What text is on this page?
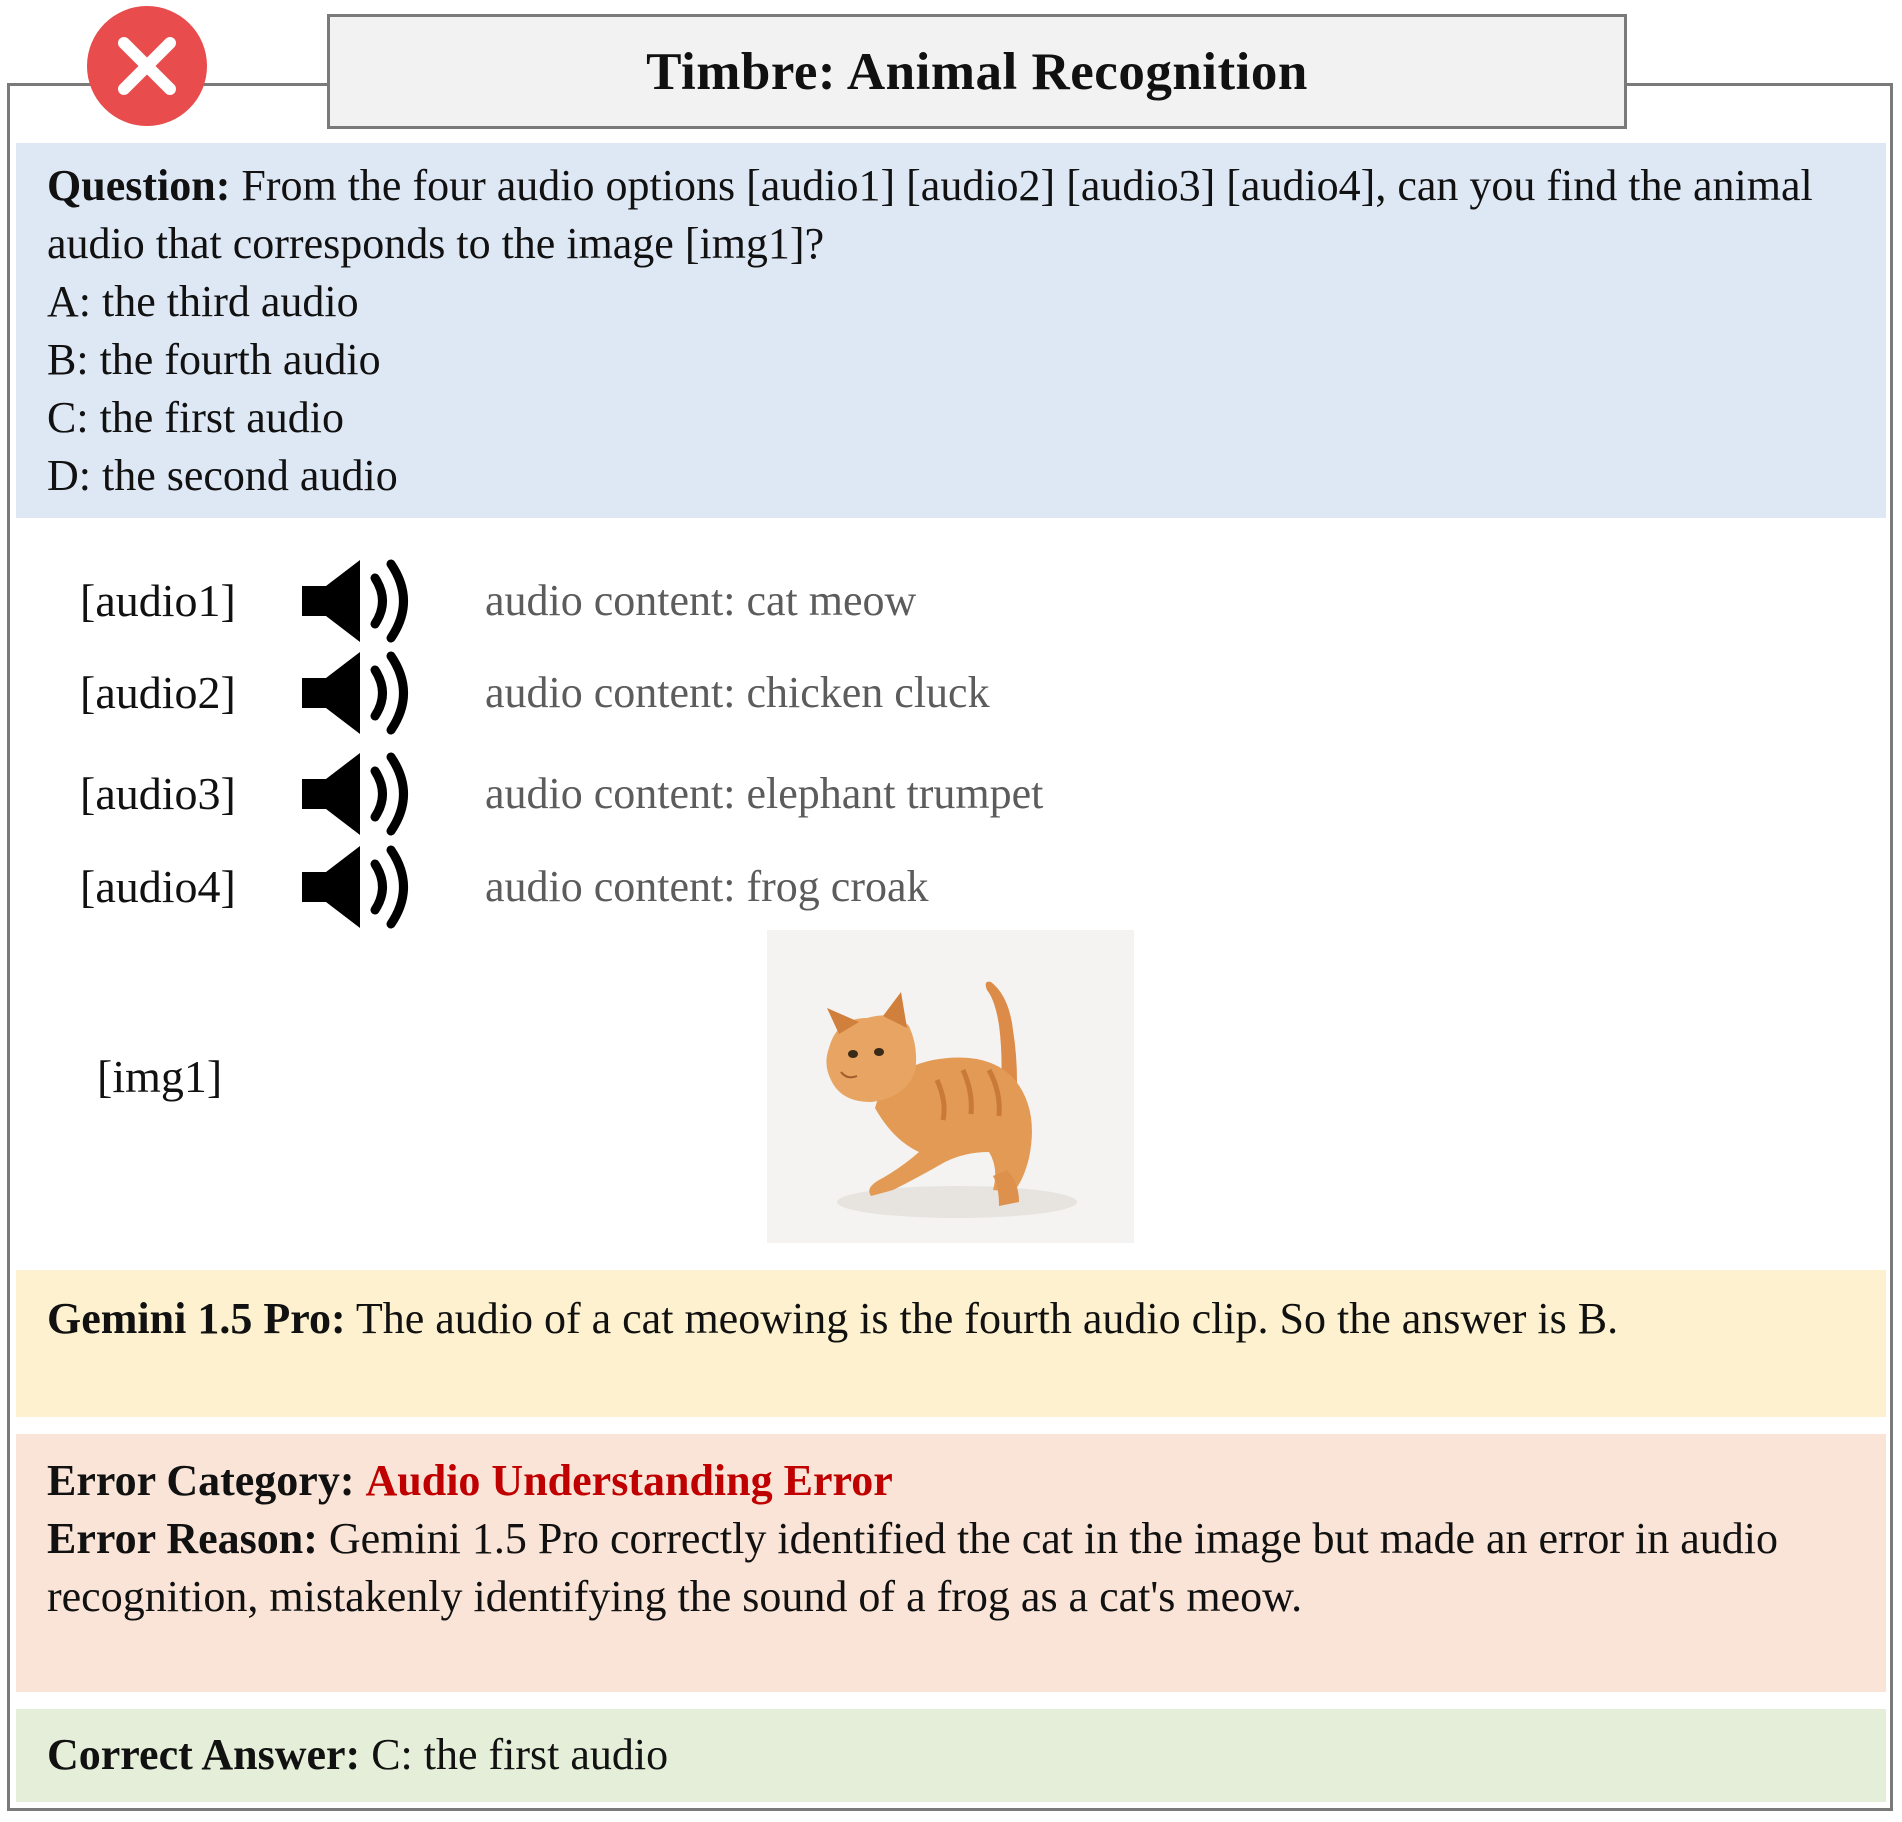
Timbre: Animal Recognition
Question: From the four audio options [audio1] [audio2] [audio3] [audio4], can you find the animal audio that corresponds to the image [img1]?
A: the third audio
B: the fourth audio
C: the first audio
D: the second audio
[audio1]	audio content: cat meow
[audio2]	audio content: chicken cluck
[audio3]	audio content: elephant trumpet
[audio4]	audio content: frog croak
[img1]
Gemini 1.5 Pro: The audio of a cat meowing is the fourth audio clip. So the answer is B.
Error Category: Audio Understanding Error
Error Reason: Gemini 1.5 Pro correctly identified the cat in the image but made an error in audio recognition, mistakenly identifying the sound of a frog as a cat's meow.
Correct Answer: C: the first audio
